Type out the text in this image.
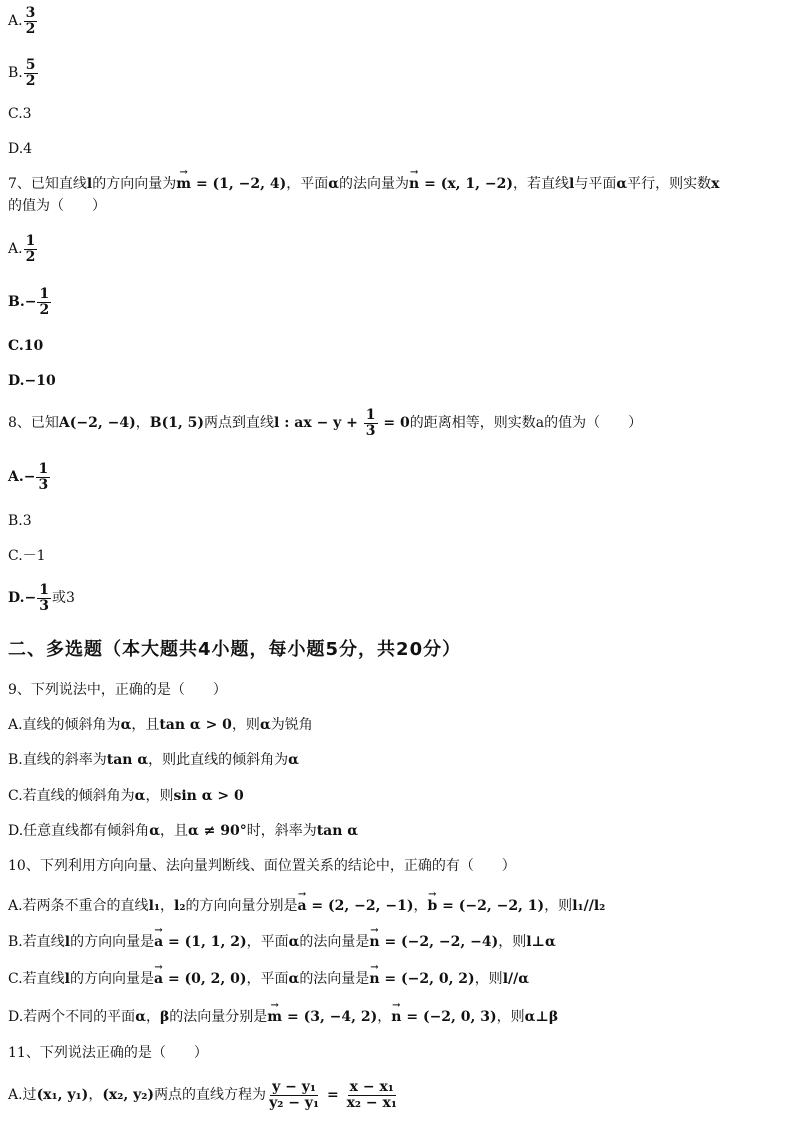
A. $\frac{3}{2}$
B. $\frac{5}{2}$
C.3
D.4
7、已知直线l的方向向量为→ m = (1, −2, 4)，平面α的法向量为→ n = (x, 1, −2)，若直线l与平面α平行，则实数x
的值为（　　）
A. $\frac{1}{2}$
$B.- \frac{1}{2}$
C.10
D.−10
8、已知A(−2, −4)，B(1, 5)两点到直线l : ax − $y + \frac{1}{3} = 0$的距离相等，则实数a的值为（　　）
$A.- \frac{1}{3}$
B.3
C.－1
$D.- \frac{1}{3}$ 或3
二、多选题（本大题共4小题，每小题5分，共20分）
9、下列说法中，正确的是（　　）
A.直线的倾斜角为α，且tan α > 0，则α为锐角
B.直线的斜率为tan α，则此直线的倾斜角为α
C.若直线的倾斜角为α，则sin α > 0
D.任意直线都有倾斜角α，且α ≠ 90°时，斜率为tan α
10、下列利用方向向量、法向量判断线、面位置关系的结论中，正确的有（　　）
A.若两条不重合的直线l₁，l₂的方向向量分别是→ a = (2, −2, −1)，→ b = (−2, −2, 1)，则l₁//l₂
B.若直线l的方向向量是→ a = (1, 1, 2)，平面α的法向量是→ n = (−2, −2, −4)，则l⊥α
C.若直线l的方向向量是→ a = (0, 2, 0)，平面α的法向量是→ n = (−2, 0, 2)，则l//α
D.若两个不同的平面α，β的法向量分别是→ m = (3, −4, 2)，→ n = (−2, 0, 3)，则α⊥β
11、下列说法正确的是（　　）
A.过(x₁, y₁)，(x₂, y₂)两点的直线方程为 $\frac{\text{y − y₁}}{\text{y₂ − y₁}} = \frac{\text{x − x₁}}{\text{x₂ − x₁}}$
